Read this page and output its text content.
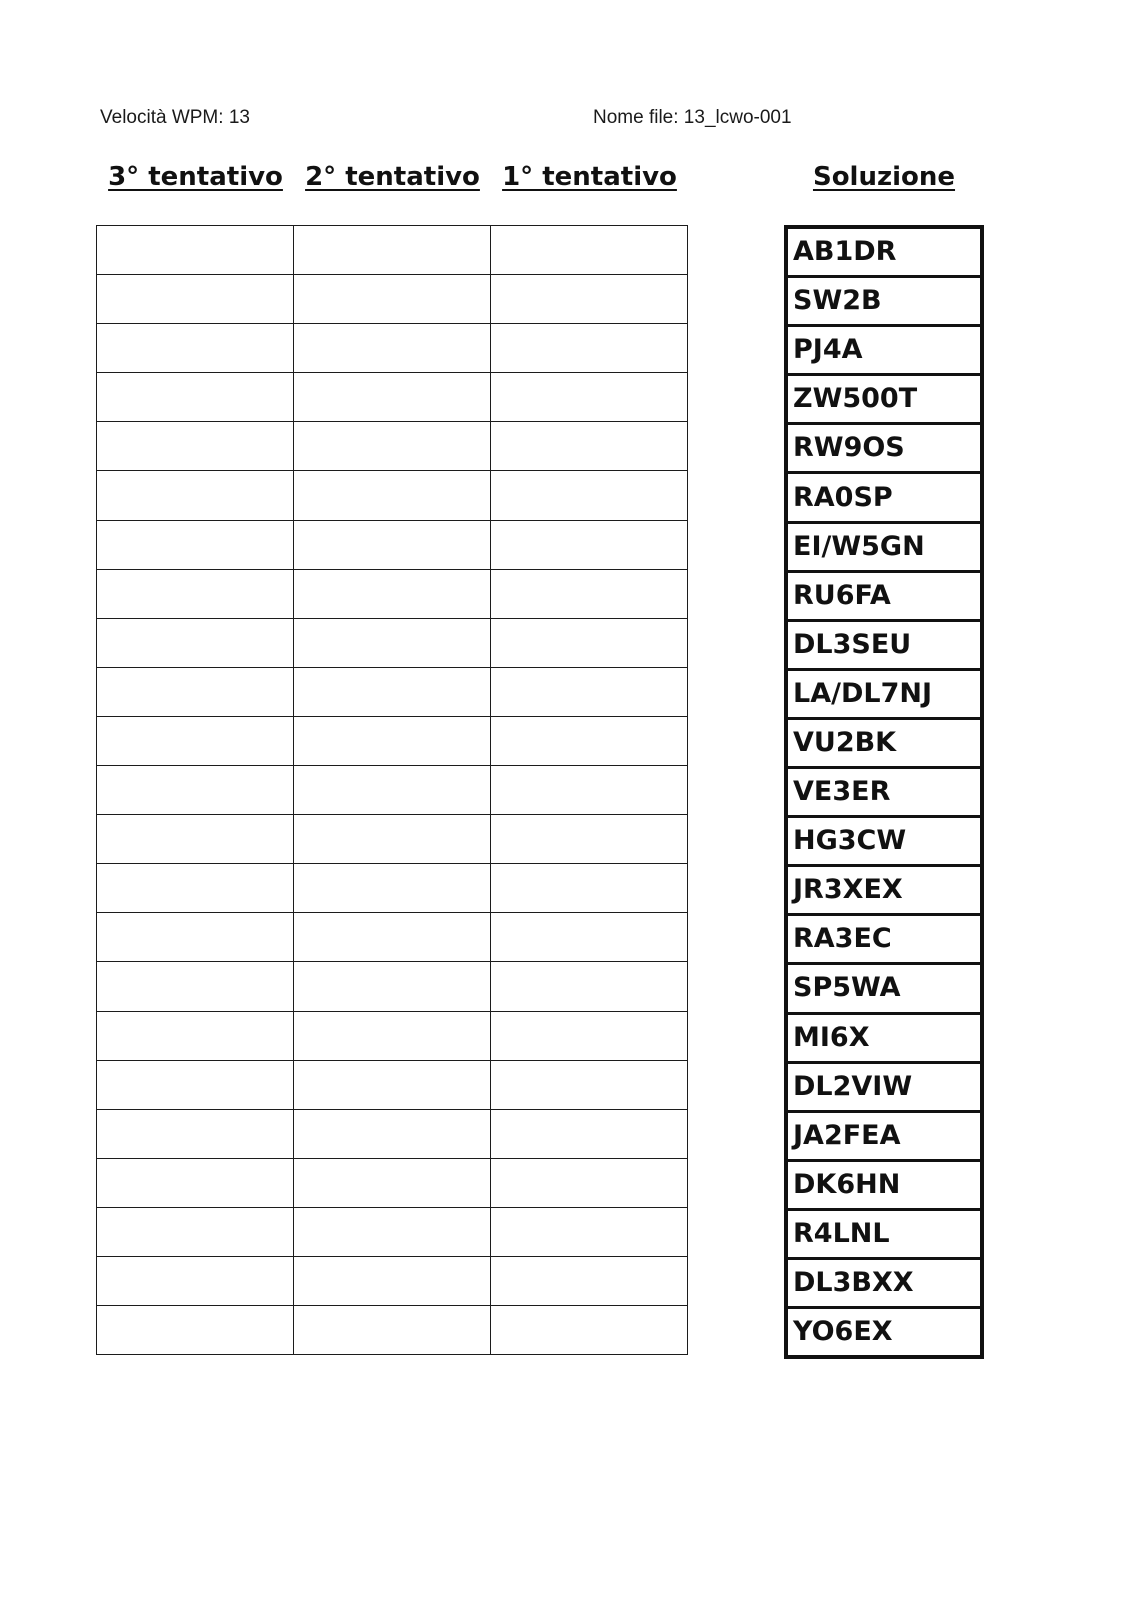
Velocità WPM: 13	Nome file: 13_lcwo-001
3° tentativo 2° tentativo 1° tentativo	Soluzione

AB1DR
SW2B
PJ4A
ZW500T
RW9OS
RA0SP
EI/W5GN
RU6FA
DL3SEU
LA/DL7NJ
VU2BK
VE3ER
HG3CW
JR3XEX
RA3EC
SP5WA
MI6X
DL2VIW
JA2FEA
DK6HN
R4LNL
DL3BXX
YO6EX
